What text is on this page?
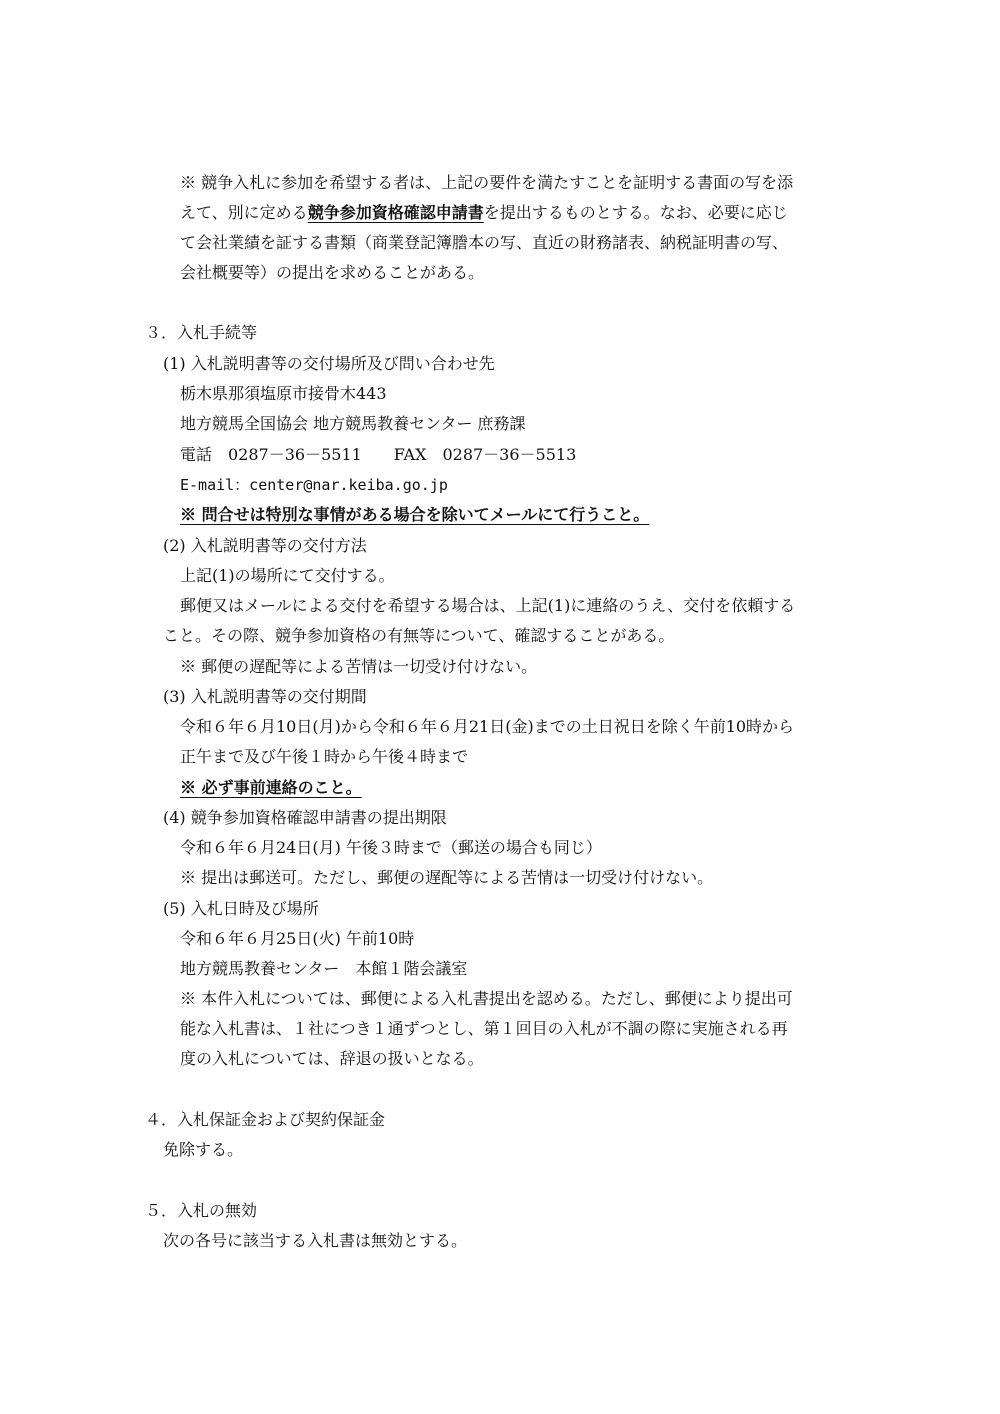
※ 競争入札に参加を希望する者は、上記の要件を満たすことを証明する書面の写を添
えて、別に定める競争参加資格確認申請書を提出するものとする。なお、必要に応じ
て会社業績を証する書類（商業登記簿謄本の写、直近の財務諸表、納税証明書の写、
会社概要等）の提出を求めることがある。
３．入札手続等
(1) 入札説明書等の交付場所及び問い合わせ先
栃木県那須塩原市接骨木443
地方競馬全国協会 地方競馬教養センター 庶務課
電話　0287－36－5511　　FAX　0287－36－5513
E-mail：center@nar.keiba.go.jp
※ 問合せは特別な事情がある場合を除いてメールにて行うこと。
(2) 入札説明書等の交付方法
上記(1)の場所にて交付する。
郵便又はメールによる交付を希望する場合は、上記(1)に連絡のうえ、交付を依頼する
こと。その際、競争参加資格の有無等について、確認することがある。
※ 郵便の遅配等による苦情は一切受け付けない。
(3) 入札説明書等の交付期間
令和６年６月10日(月)から令和６年６月21日(金)までの土日祝日を除く午前10時から
正午まで及び午後１時から午後４時まで
※ 必ず事前連絡のこと。
(4) 競争参加資格確認申請書の提出期限
令和６年６月24日(月) 午後３時まで（郵送の場合も同じ）
※ 提出は郵送可。ただし、郵便の遅配等による苦情は一切受け付けない。
(5) 入札日時及び場所
令和６年６月25日(火) 午前10時
地方競馬教養センター　本館１階会議室
※ 本件入札については、郵便による入札書提出を認める。ただし、郵便により提出可
能な入札書は、１社につき１通ずつとし、第１回目の入札が不調の際に実施される再
度の入札については、辞退の扱いとなる。
４．入札保証金および契約保証金
免除する。
５．入札の無効
次の各号に該当する入札書は無効とする。
